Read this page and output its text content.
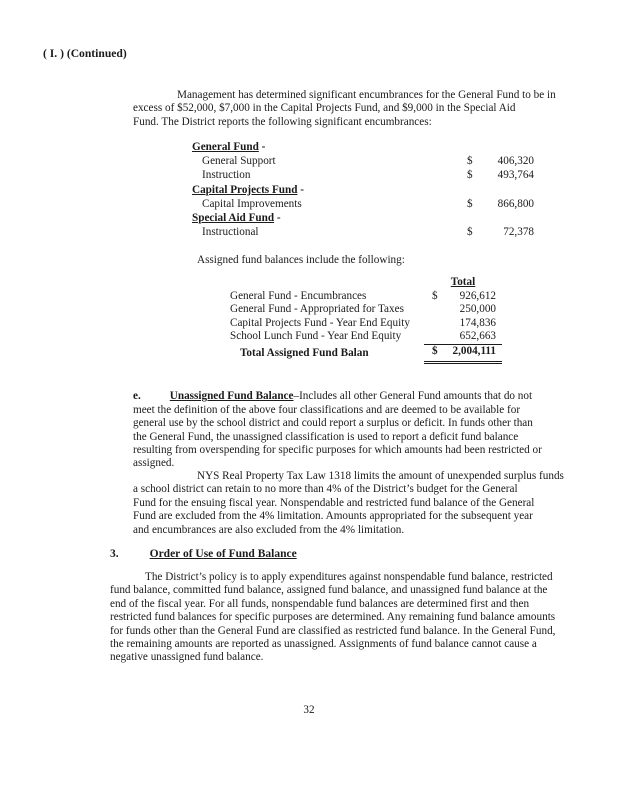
( I. ) (Continued)
Management has determined significant encumbrances for the General Fund to be in
excess of $52,000, $7,000 in the Capital Projects Fund, and $9,000 in the Special Aid
Fund. The District reports the following significant encumbrances:
General Fund -
General Support	$ 406,320
Instruction	$ 493,764
Capital Projects Fund -
Capital Improvements	$ 866,800
Special Aid Fund -
Instructional	$	72,378
Assigned fund balances include the following:
Total
General Fund - Encumbrances	$ 926,612
General Fund - Appropriated for Taxes	250,000
Capital Projects Fund - Year End Equity	174,836
School Lunch Fund - Year End Equity	652,663
Total Assigned Fund Balan	$ 2,004,111

e.	Unassigned Fund Balance–Includes all other General Fund amounts that do not
meet the definition of the above four classifications and are deemed to be available for
general use by the school district and could report a surplus or deficit. In funds other than
the General Fund, the unassigned classification is used to report a deficit fund balance
resulting from overspending for specific purposes for which amounts had been restricted or
assigned.

NYS Real Property Tax Law 1318 limits the amount of unexpended surplus funds
a school district can retain to no more than 4% of the District’s budget for the General
Fund for the ensuing fiscal year. Nonspendable and restricted fund balance of the General
Fund are excluded from the 4% limitation. Amounts appropriated for the subsequent year
and encumbrances are also excluded from the 4% limitation.
3.	Order of Use of Fund Balance
The District’s policy is to apply expenditures against nonspendable fund balance, restricted
fund balance, committed fund balance, assigned fund balance, and unassigned fund balance at the
end of the fiscal year. For all funds, nonspendable fund balances are determined first and then
restricted fund balances for specific purposes are determined. Any remaining fund balance amounts
for funds other than the General Fund are classified as restricted fund balance. In the General Fund,
the remaining amounts are reported as unassigned. Assignments of fund balance cannot cause a
negative unassigned fund balance.
32
